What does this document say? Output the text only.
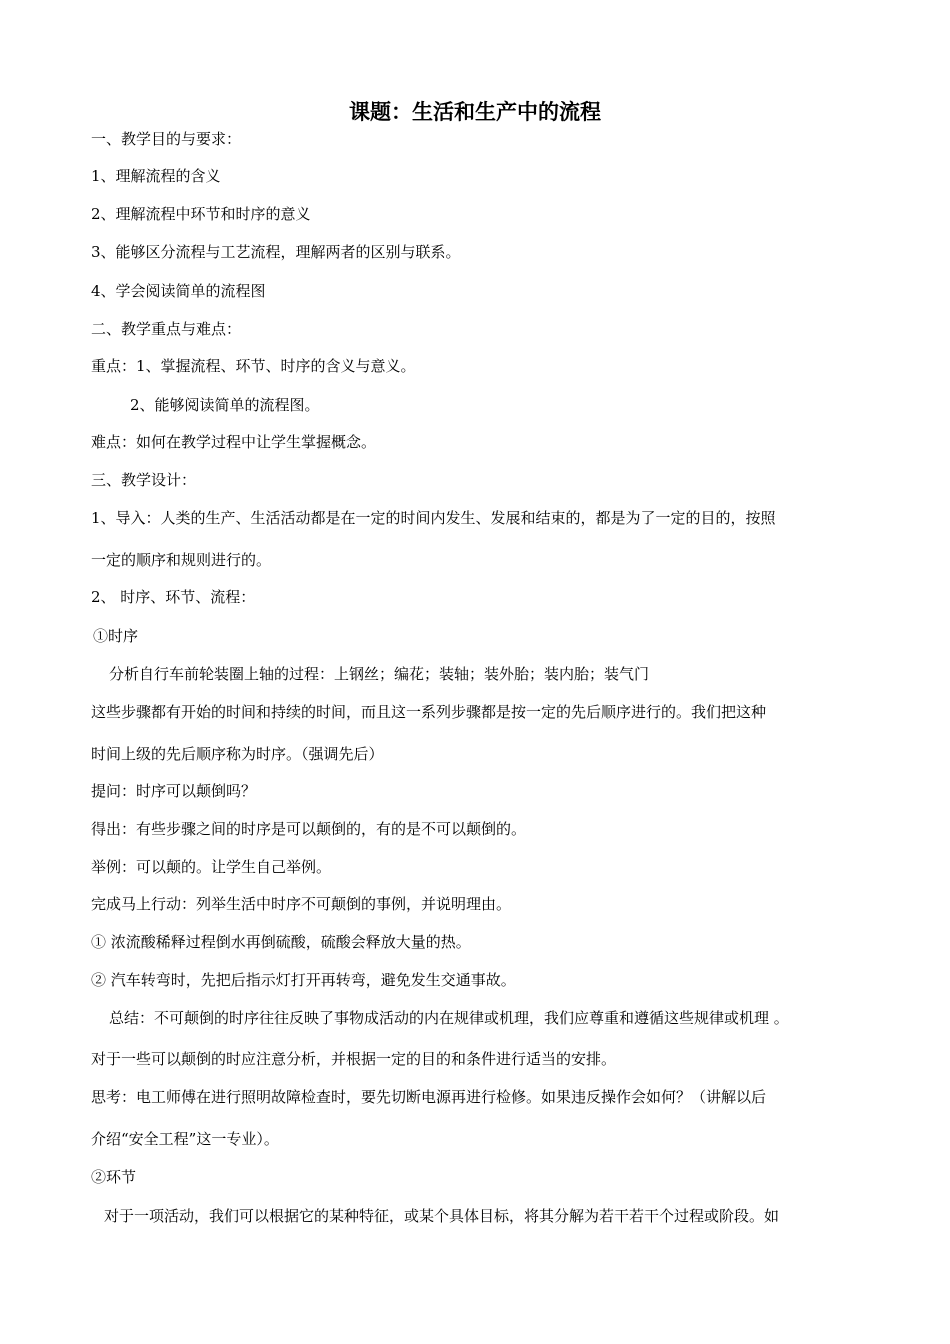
课题：生活和生产中的流程
一、教学目的与要求：
1、理解流程的含义
2、理解流程中环节和时序的意义
3、能够区分流程与工艺流程，理解两者的区别与联系。
4、学会阅读简单的流程图
二、教学重点与难点：
重点：1、掌握流程、环节、时序的含义与意义。
2、能够阅读简单的流程图。
难点：如何在教学过程中让学生掌握概念。
三、教学设计：
1、导入：人类的生产、生活活动都是在一定的时间内发生、发展和结束的，都是为了一定的目的，按照
一定的顺序和规则进行的。
2、 时序、环节、流程：
①时序
分析自行车前轮装圈上轴的过程：上钢丝；编花；装轴；装外胎；装内胎；装气门
这些步骤都有开始的时间和持续的时间，而且这一系列步骤都是按一定的先后顺序进行的。我们把这种
时间上级的先后顺序称为时序。（强调先后）
提问：时序可以颠倒吗？
得出：有些步骤之间的时序是可以颠倒的，有的是不可以颠倒的。
举例：可以颠的。让学生自己举例。
完成马上行动：列举生活中时序不可颠倒的事例，并说明理由。
① 浓流酸稀释过程倒水再倒硫酸，硫酸会释放大量的热。
② 汽车转弯时，先把后指示灯打开再转弯，避免发生交通事故。
总结：不可颠倒的时序往往反映了事物成活动的内在规律或机理，我们应尊重和遵循这些规律或机理 。
对于一些可以颠倒的时应注意分析，并根据一定的目的和条件进行适当的安排。
思考：电工师傅在进行照明故障检查时，要先切断电源再进行检修。如果违反操作会如何？（讲解以后
介绍“安全工程”这一专业）。
②环节
对于一项活动，我们可以根据它的某种特征，或某个具体目标，将其分解为若干若干个过程或阶段。如
